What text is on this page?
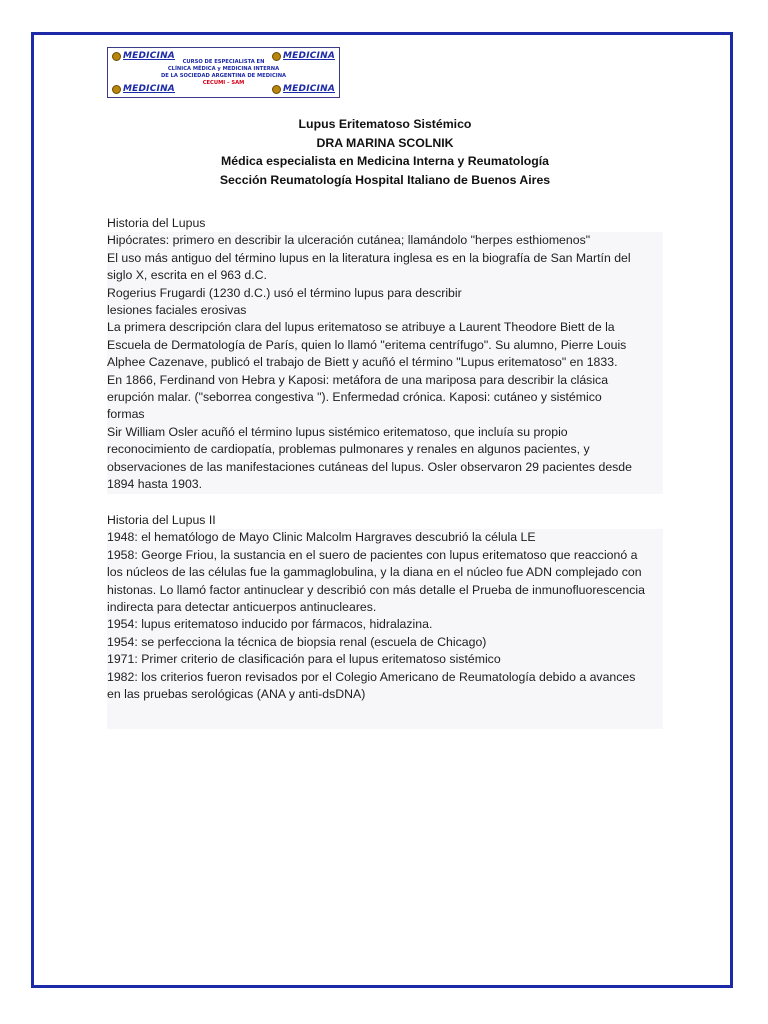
MEDICINA	MEDICINA
MEDICINA	MEDICINA
CURSO DE ESPECIALISTA EN
CLÍNICA MÉDICA y MEDICINA INTERNA
DE LA SOCIEDAD ARGENTINA DE MEDICINA
CECUMI – SAM
Lupus Eritematoso Sistémico
DRA MARINA SCOLNIK
Médica especialista en Medicina Interna y Reumatología
Sección Reumatología Hospital Italiano de Buenos Aires
Historia del Lupus
Hipócrates: primero en describir la ulceración cutánea; llamándolo "herpes esthiomenos"
El uso más antiguo del término lupus en la literatura inglesa es en la biografía de San Martín del
siglo X, escrita en el 963 d.C.
Rogerius Frugardi (1230 d.C.) usó el término lupus para describir
lesiones faciales erosivas
La primera descripción clara del lupus eritematoso se atribuye a Laurent Theodore Biett de la
Escuela de Dermatología de París, quien lo llamó "eritema centrífugo". Su alumno, Pierre Louis
Alphee Cazenave, publicó el trabajo de Biett y acuñó el término "Lupus eritematoso" en 1833.
En 1866, Ferdinand von Hebra y Kaposi: metáfora de una mariposa para describir la clásica
erupción malar. ("seborrea congestiva "). Enfermedad crónica. Kaposi: cutáneo y sistémico
formas
Sir William Osler acuñó el término lupus sistémico eritematoso, que incluía su propio
reconocimiento de cardiopatía, problemas pulmonares y renales en algunos pacientes, y
observaciones de las manifestaciones cutáneas del lupus. Osler observaron 29 pacientes desde
1894 hasta 1903.
Historia del Lupus II
1948: el hematólogo de Mayo Clinic Malcolm Hargraves descubrió la célula LE
1958: George Friou, la sustancia en el suero de pacientes con lupus eritematoso que reaccionó a
los núcleos de las células fue la gammaglobulina, y la diana en el núcleo fue ADN complejado con
histonas. Lo llamó factor antinuclear y describió con más detalle el Prueba de inmunofluorescencia
indirecta para detectar anticuerpos antinucleares.
1954: lupus eritematoso inducido por fármacos, hidralazina.
1954: se perfecciona la técnica de biopsia renal (escuela de Chicago)
1971: Primer criterio de clasificación para el lupus eritematoso sistémico
1982: los criterios fueron revisados por el Colegio Americano de Reumatología debido a avances
en las pruebas serológicas (ANA y anti-dsDNA)
